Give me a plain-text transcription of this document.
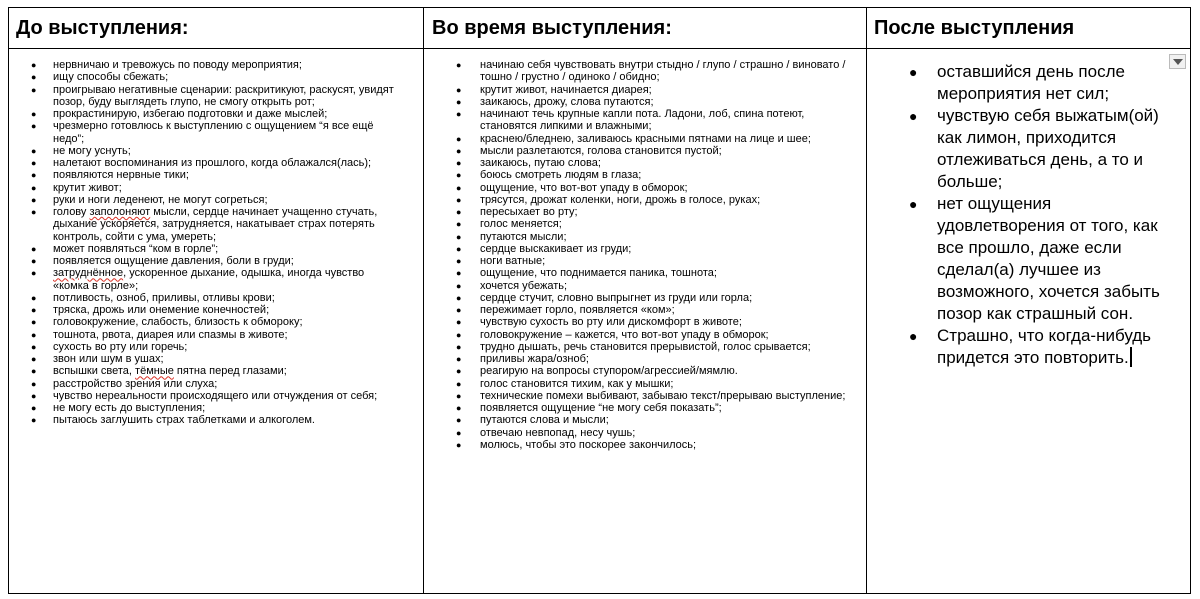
До выступления:
● нервничаю и тревожусь по поводу мероприятия;
● ищу способы сбежать;
● проигрываю негативные сценарии: раскритикуют, раскусят, увидят позор, буду выглядеть глупо, не смогу открыть рот;
● прокрастинирую, избегаю подготовки и даже мыслей;
● чрезмерно готовлюсь к выступлению с ощущением “я все ещё недо”;
● не могу уснуть;
● налетают воспоминания из прошлого, когда облажался(лась);
● появляются нервные тики;
● крутит живот;
● руки и ноги леденеют, не могут согреться;
● голову заполоняют мысли, сердце начинает учащенно стучать, дыхание ускоряется, затрудняется, накатывает страх потерять контроль, сойти с ума, умереть;
● может появляться “ком в горле”;
● появляется ощущение давления, боли в груди;
● затруднённое, ускоренное дыхание, одышка, иногда чувство «комка в горле»;
● потливость, озноб, приливы, отливы крови;
● тряска, дрожь или онемение конечностей;
● головокружение, слабость, близость к обмороку;
● тошнота, рвота, диарея или спазмы в животе;
● сухость во рту или горечь;
● звон или шум в ушах;
● вспышки света, тёмные пятна перед глазами;
● расстройство зрения или слуха;
● чувство нереальности происходящего или отчуждения от себя;
● не могу есть до выступления;
● пытаюсь заглушить страх таблетками и алкоголем.
Во время выступления:
● начинаю себя чувствовать внутри стыдно / глупо / страшно / виновато / тошно / грустно / одиноко / обидно;
● крутит живот, начинается диарея;
● заикаюсь, дрожу, слова путаются;
● начинают течь крупные капли пота. Ладони, лоб, спина потеют, становятся липкими и влажными;
● краснею/бледнею, заливаюсь красными пятнами на лице и шее;
● мысли разлетаются, голова становится пустой;
● заикаюсь, путаю слова;
● боюсь смотреть людям в глаза;
● ощущение, что вот-вот упаду в обморок;
● трясутся, дрожат коленки, ноги, дрожь в голосе, руках;
● пересыхает во рту;
● голос меняется;
● путаются мысли;
● сердце выскакивает из груди;
● ноги ватные;
● ощущение, что поднимается паника, тошнота;
● хочется убежать;
● сердце стучит, словно выпрыгнет из груди или горла;
● пережимает горло, появляется «ком»;
● чувствую сухость во рту или дискомфорт в животе;
● головокружение – кажется, что вот-вот упаду в обморок;
● трудно дышать, речь становится прерывистой, голос срывается;
● приливы жара/озноб;
● реагирую на вопросы ступором/агрессией/мямлю.
● голос становится тихим, как у мышки;
● технические помехи выбивают, забываю текст/прерываю выступление;
● появляется ощущение “не могу себя показать”;
● путаются слова и мысли;
● отвечаю невпопад, несу чушь;
● молюсь, чтобы это поскорее закончилось;
После выступления
● оставшийся день после мероприятия нет сил;
● чувствую себя выжатым(ой) как лимон, приходится отлеживаться день, а то и больше;
● нет ощущения удовлетворения от того, как все прошло, даже если сделал(а) лучшее из возможного, хочется забыть позор как страшный сон.
● Страшно, что когда-нибудь придется это повторить.
